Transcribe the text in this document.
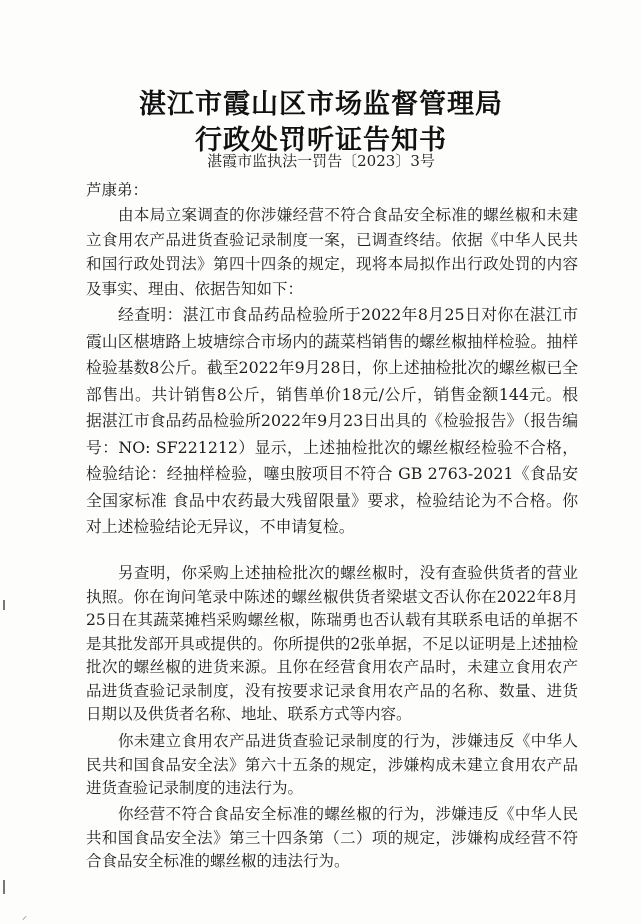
湛江市霞山区市场监督管理局
行政处罚听证告知书
湛霞市监执法一罚告〔2023〕3号

芦康弟：

由本局立案调查的你涉嫌经营不符合食品安全标准的螺丝椒和未建立食用农产品进货查验记录制度一案，已调查终结。依据《中华人民共和国行政处罚法》第四十四条的规定，现将本局拟作出行政处罚的内容及事实、理由、依据告知如下：

经查明：湛江市食品药品检验所于2022年8月25日对你在湛江市霞山区椹塘路上坡塘综合市场内的蔬菜档销售的螺丝椒抽样检验。抽样检验基数8公斤。截至2022年9月28日，你上述抽检批次的螺丝椒已全部售出。共计销售8公斤，销售单价18元/公斤，销售金额144元。根据湛江市食品药品检验所2022年9月23日出具的《检验报告》（报告编号：NO: SF221212）显示，上述抽检批次的螺丝椒经检验不合格，检验结论：经抽样检验，噻虫胺项目不符合 GB 2763-2021《食品安全国家标准 食品中农药最大残留限量》要求，检验结论为不合格。你对上述检验结论无异议，不申请复检。

另查明，你采购上述抽检批次的螺丝椒时，没有查验供货者的营业执照。你在询问笔录中陈述的螺丝椒供货者梁堪文否认你在2022年8月25日在其蔬菜摊档采购螺丝椒，陈瑞勇也否认载有其联系电话的单据不是其批发部开具或提供的。你所提供的2张单据，不足以证明是上述抽检批次的螺丝椒的进货来源。且你在经营食用农产品时，未建立食用农产品进货查验记录制度，没有按要求记录食用农产品的名称、数量、进货日期以及供货者名称、地址、联系方式等内容。

你未建立食用农产品进货查验记录制度的行为，涉嫌违反《中华人民共和国食品安全法》第六十五条的规定，涉嫌构成未建立食用农产品进货查验记录制度的违法行为。

你经营不符合食品安全标准的螺丝椒的行为，涉嫌违反《中华人民共和国食品安全法》第三十四条第（二）项的规定，涉嫌构成经营不符合食品安全标准的螺丝椒的违法行为。

⸝
